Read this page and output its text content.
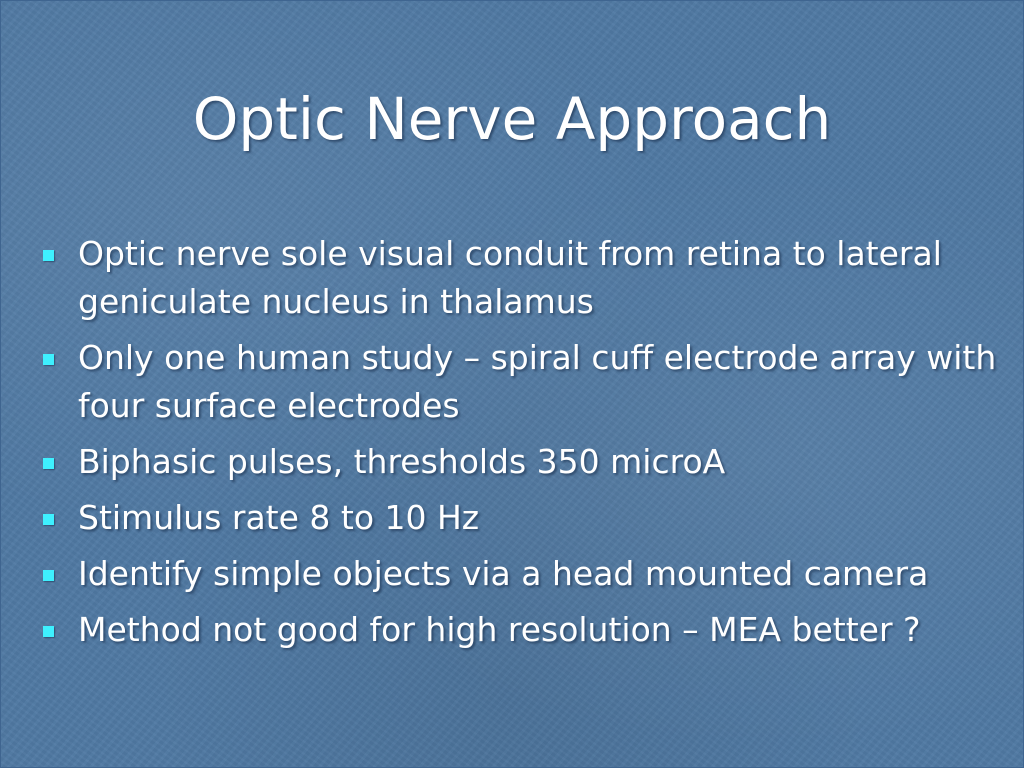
Optic Nerve Approach
Optic nerve sole visual conduit from retina to lateral geniculate nucleus in thalamus
Only one human study – spiral cuff electrode array with four surface electrodes
Biphasic pulses, thresholds 350 microA
Stimulus rate 8 to 10 Hz
Identify simple objects via a head mounted camera
Method not good for high resolution – MEA better ?
